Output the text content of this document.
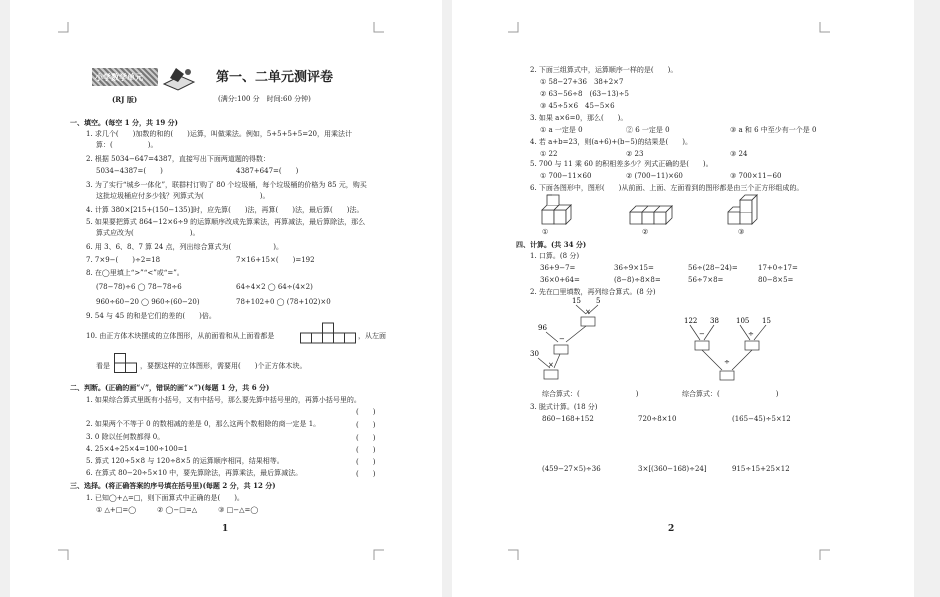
小学数学单元	第一、二单元测评卷
(RJ 版)	(满分:100 分　时间:60 分钟)
一、填空。(每空 1 分，共 19 分)
1. 求几个(　　)加数的和的(　　)运算，叫做乘法。例如，5+5+5+5=20，用乘法计
算：(　　　　　)。
2. 根据 5034−647=4387，直接写出下面两道题的得数：
5034−4387=(　　)	4387+647=(　　)
3. 为了实行“城乡一体化”，联群村订购了 80 个垃圾桶，每个垃圾桶的价格为 85 元，购买
这批垃圾桶应付多少钱？列算式为(　　　　　　　　)。
4. 计算 380×[215+(150−135)]时，应先算(　　)法，再算(　　)法，最后算(　　)法。
5. 如果要把算式 864−12×6÷9 的运算顺序改成先算乘法，再算减法，最后算除法，那么
算式应改为(　　　　　　　　)。
6. 用 3、6、8、7 算 24 点，列出综合算式为(　　　　　　)。
7. 7×9−(　　)÷2=18	7×16+15×(　　)=192
8. 在◯里填上“>”“<”或“=”。
(78−78)÷6 ◯ 78−78÷6	64÷4×2 ◯ 64÷(4×2)
960÷60−20 ◯ 960÷(60−20)	78+102+0 ◯ (78+102)×0
9. 54 与 45 的和是它们的差的(　　)倍。
10. 由正方体木块摆成的立体图形，从前面看和从上面看都是	，从左面
看是	，要摆这样的立体图形，需要用(　　)个正方体木块。
二、判断。(正确的画“√”，错误的画“×”)(每题 1 分，共 6 分)
1. 如果综合算式里既有小括号，又有中括号，那么要先算中括号里的，再算小括号里的。
(　　)
2. 如果两个不等于 0 的数相减的差是 0，那么这两个数相除的商一定是 1。	(　　)
3. 0 除以任何数都得 0。	(　　)
4. 25×4÷25×4=100÷100=1	(　　)
5. 算式 120÷5×8 与 120÷8×5 的运算顺序相同，结果相等。	(　　)
6. 在算式 80−20÷5×10 中，要先算除法，再算乘法，最后算减法。	(　　)
三、选择。(将正确答案的序号填在括号里)(每题 2 分，共 12 分)
1. 已知◯+△=□，则下面算式中正确的是(　　)。
① △+□=◯　　　② ◯−□=△　　　③ □−△=◯
1
2. 下面三组算式中，运算顺序一样的是(　　)。
① 58−27+36　38+2×7
② 63−56÷8　(63−13)÷5
③ 45÷5×6　45−5×6
3. 如果 a×6=0，那么(　　)。
① a 一定是 0	② 6 一定是 0	③ a 和 6 中至少有一个是 0
4. 若 a+b=23，则(a+6)+(b−5)的结果是(　　)。
① 22	② 23	③ 24
5. 700 与 11 乘 60 的积相差多少？列式正确的是(　　)。
① 700−11×60	② (700−11)×60	③ 700×11−60
6. 下面各图形中，图形(　　)从前面、上面、左面看到的图形都是由三个正方形组成的。
①	②	③
四、计算。(共 34 分)
1. 口算。(8 分)
36+9−7=	36÷9×15=	56÷(28−24)=	17+0÷17=
36×0+64=	(8−8)÷8×8=	56÷7×8=	80−8×5=
2. 先在□里填数，再列综合算式。(8 分)
15 5
×
96
−
30
×
122 38 105 15
−	÷
÷
综合算式：(　　　　　　　　)	综合算式：(　　　　　　　　)
3. 脱式计算。(18 分)
860−168+152	720÷8×10	(165−45)÷5×12
(459−27×5)÷36	3×[(360−168)÷24]	915÷15+25×12
2
